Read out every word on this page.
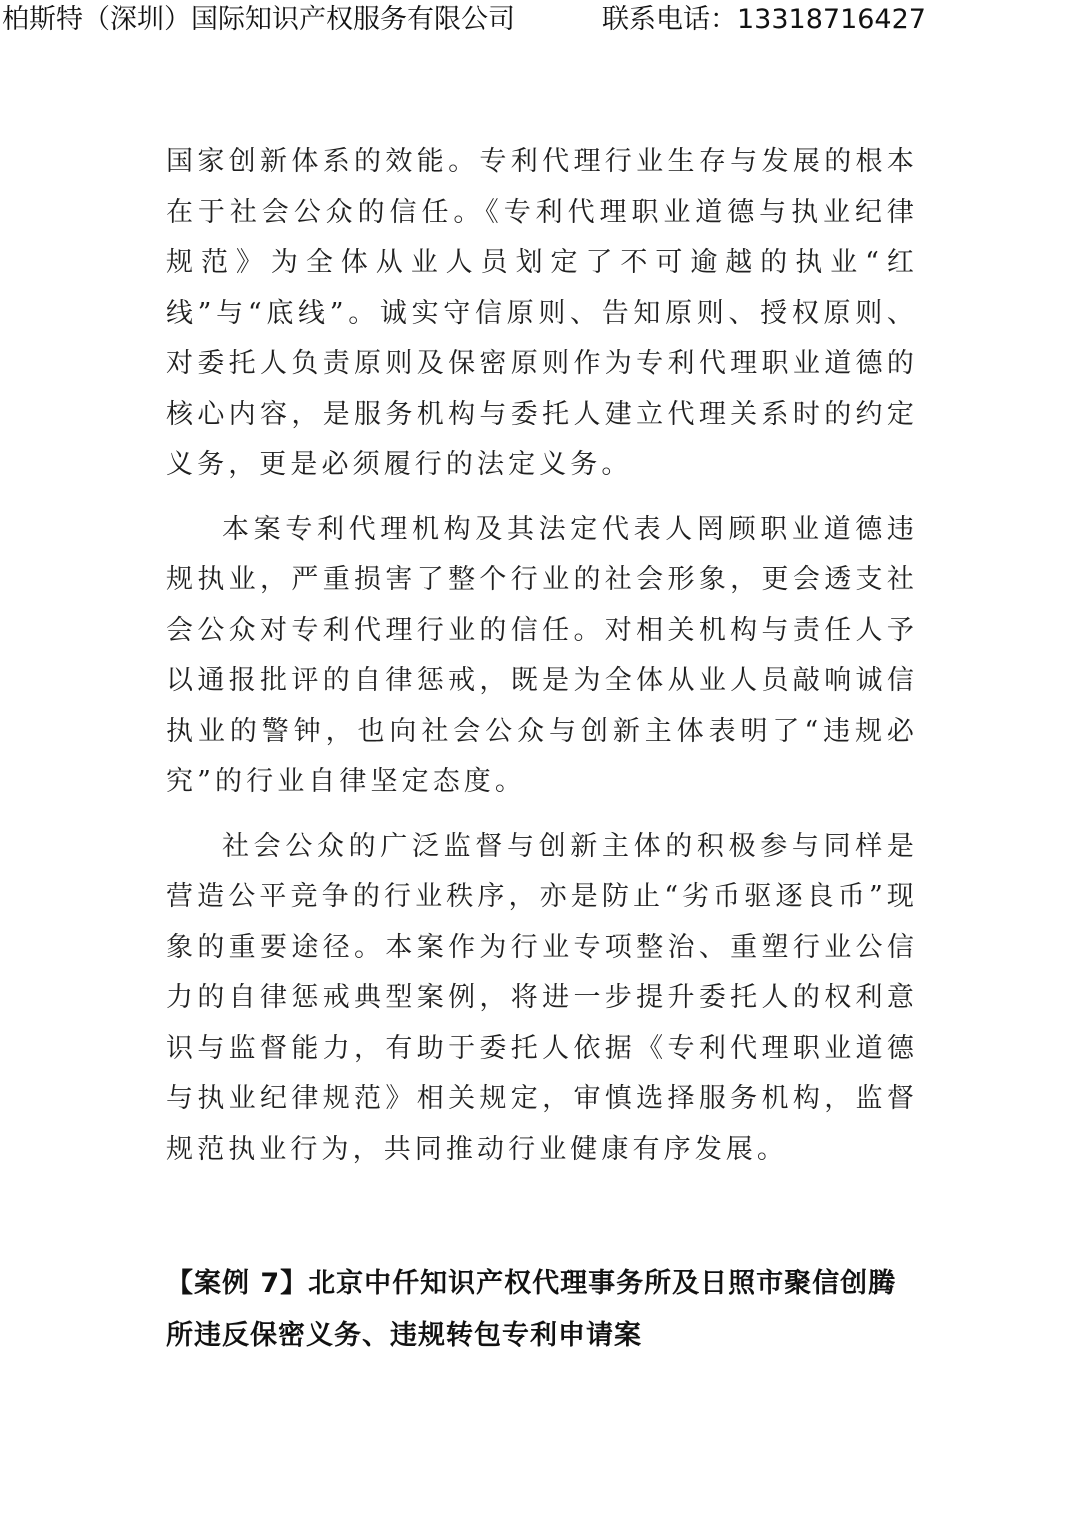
柏斯特（深圳）国际知识产权服务有限公司	联系电话：13318716427

国家创新体系的效能。专利代理行业生存与发展的根本在于社会公众的信任。《专利代理职业道德与执业纪律规范》为全体从业人员划定了不可逾越的执业“红线”与“底线”。诚实守信原则、告知原则、授权原则、对委托人负责原则及保密原则作为专利代理职业道德的核心内容，是服务机构与委托人建立代理关系时的约定义务，更是必须履行的法定义务。

本案专利代理机构及其法定代表人罔顾职业道德违规执业，严重损害了整个行业的社会形象，更会透支社会公众对专利代理行业的信任。对相关机构与责任人予以通报批评的自律惩戒，既是为全体从业人员敲响诚信执业的警钟，也向社会公众与创新主体表明了“违规必究”的行业自律坚定态度。

社会公众的广泛监督与创新主体的积极参与同样是营造公平竞争的行业秩序，亦是防止“劣币驱逐良币”现象的重要途径。本案作为行业专项整治、重塑行业公信力的自律惩戒典型案例，将进一步提升委托人的权利意识与监督能力，有助于委托人依据《专利代理职业道德与执业纪律规范》相关规定，审慎选择服务机构，监督规范执业行为，共同推动行业健康有序发展。

【案例 7】北京中仟知识产权代理事务所及日照市聚信创腾所违反保密义务、违规转包专利申请案
